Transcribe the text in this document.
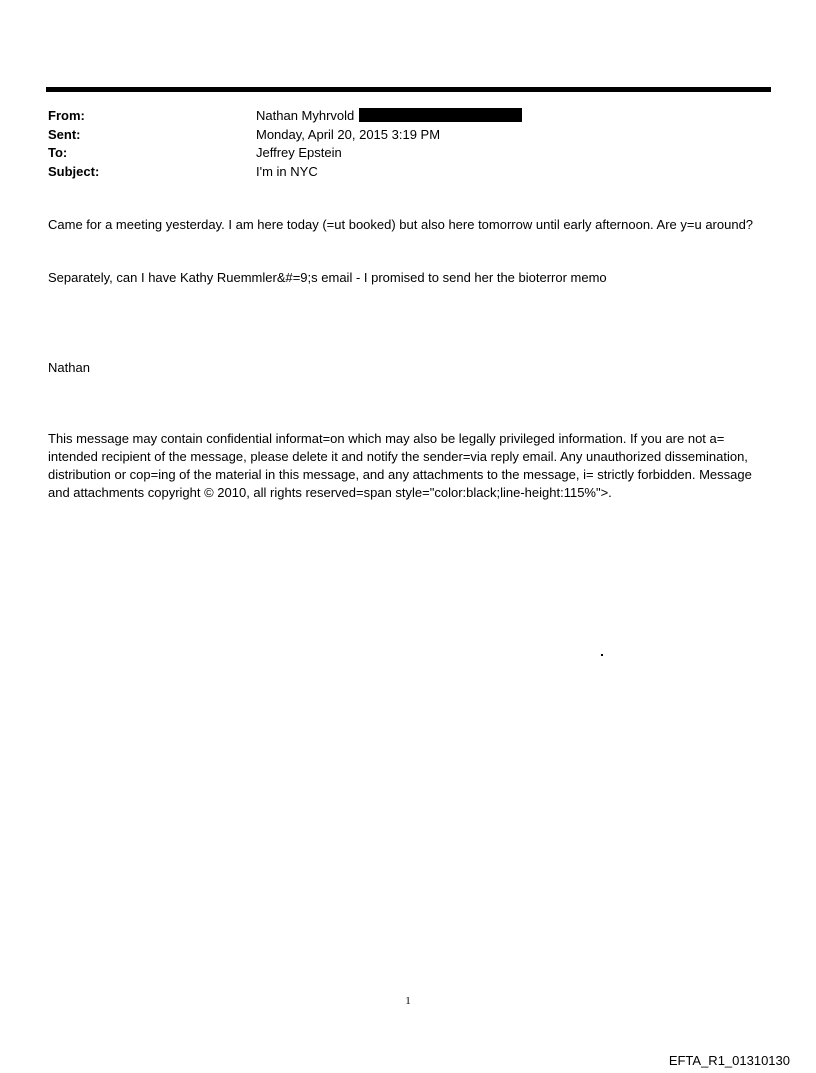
From:	Nathan Myhrvold
Sent:	Monday, April 20, 2015 3:19 PM
To:	Jeffrey Epstein
Subject:	I'm in NYC

Came for a meeting yesterday. I am here today (=ut booked) but also here tomorrow until early afternoon. Are y=u around?

Separately, can I have Kathy Ruemmler&#=9;s email - I promised to send her the bioterror memo

Nathan

This message may contain confidential informat=on which may also be legally privileged information. If you are not a= intended recipient of the message, please delete it and notify the sender=via reply email. Any unauthorized dissemination, distribution or cop=ing of the material in this message, and any attachments to the message, i= strictly forbidden. Message and attachments copyright © 2010, all rights reserved=span style="color:black;line-height:115%">.

1
EFTA_R1_01310130
